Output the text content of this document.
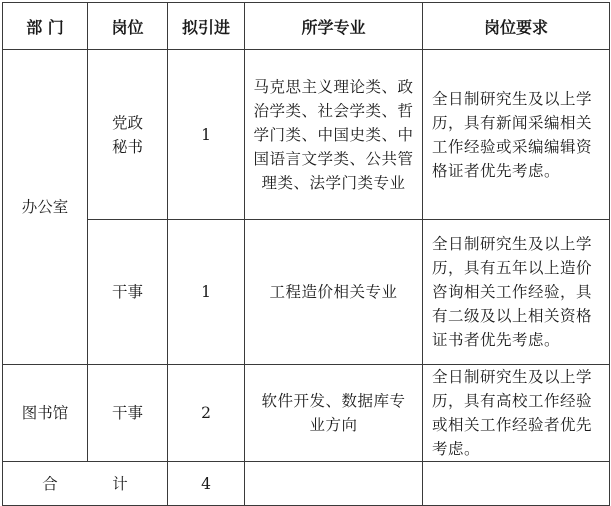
部 门	岗位	拟引进	所学专业	岗位要求
办公室	党政秘书	1	马克思主义理论类、政治学类、社会学类、哲学门类、中国史类、中国语言文学类、公共管理类、法学门类专业	全日制研究生及以上学历，具有新闻采编相关工作经验或采编编辑资格证者优先考虑。
	干事	1	工程造价相关专业	全日制研究生及以上学历，具有五年以上造价咨询相关工作经验，具有二级及以上相关资格证书者优先考虑。
图书馆	干事	2	软件开发、数据库专业方向	全日制研究生及以上学历，具有高校工作经验或相关工作经验者优先考虑。
合 计		4		
